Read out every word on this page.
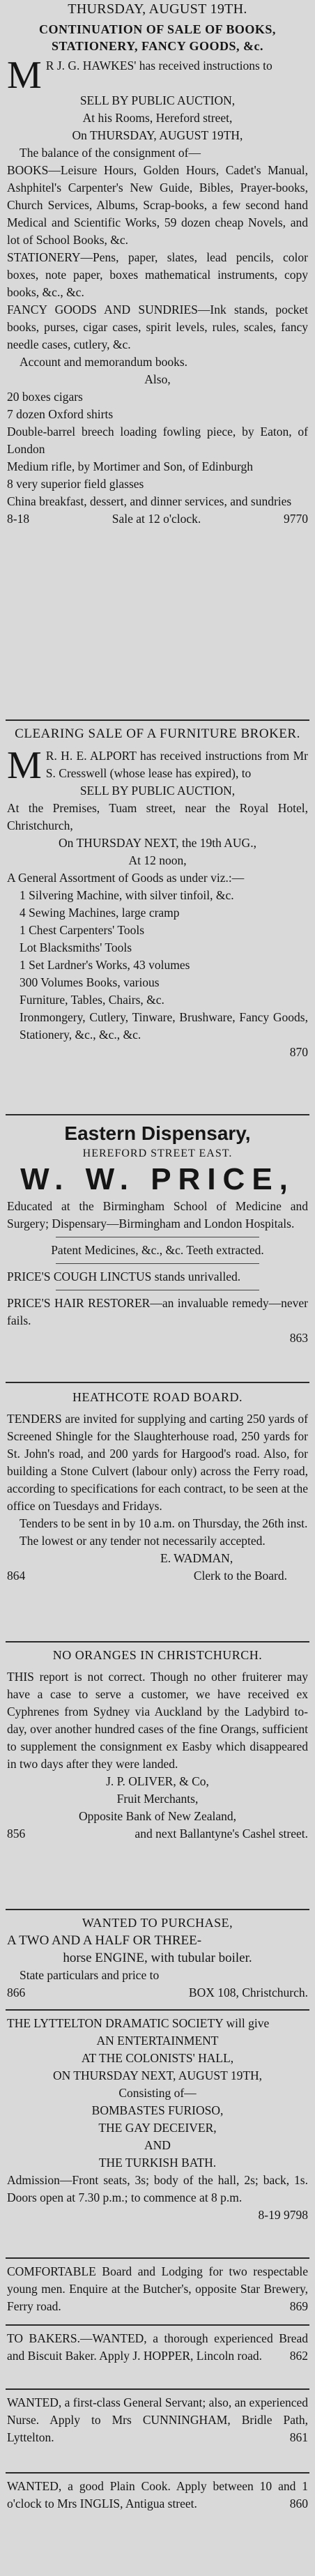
THURSDAY, AUGUST 19TH.
CONTINUATION OF SALE OF BOOKS, STATIONERY, FANCY GOODS, &c.
M R J. G. HAWKES' has received instructions to
SELL BY PUBLIC AUCTION,
At his Rooms, Hereford street,
On THURSDAY, AUGUST 19TH,
The balance of the consignment of—
BOOKS—Leisure Hours, Golden Hours, Cadet's Manual, Ashphitel's Carpenter's New Guide, Bibles, Prayer-books, Church Services, Albums, Scrap-books, a few second hand Medical and Scientific Works, 59 dozen cheap Novels, and lot of School Books, &c.
STATIONERY—Pens, paper, slates, lead pencils, color boxes, note paper, boxes mathematical instruments, copy books, &c., &c.
FANCY GOODS AND SUNDRIES—Ink stands, pocket books, purses, cigar cases, spirit levels, rules, scales, fancy needle cases, cutlery, &c.
Account and memorandum books.
Also,
20 boxes cigars
7 dozen Oxford shirts
Double-barrel breech loading fowling piece, by Eaton, of London
Medium rifle, by Mortimer and Son, of Edinburgh
8 very superior field glasses
China breakfast, dessert, and dinner services, and sundries
8-18	Sale at 12 o'clock.	9770
CLEARING SALE OF A FURNITURE BROKER.
M R. H. E. ALPORT has received instructions from Mr S. Cresswell (whose lease has expired), to
SELL BY PUBLIC AUCTION,
At the Premises, Tuam street, near the Royal Hotel, Christchurch,
On THURSDAY NEXT, the 19th AUG.,
At 12 noon,
A General Assortment of Goods as under viz.:—
1 Silvering Machine, with silver tinfoil, &c.
4 Sewing Machines, large cramp
1 Chest Carpenters' Tools
Lot Blacksmiths' Tools
1 Set Lardner's Works, 43 volumes
300 Volumes Books, various
Furniture, Tables, Chairs, &c.
Ironmongery, Cutlery, Tinware, Brushware, Fancy Goods, Stationery, &c., &c., &c.
870
Eastern Dispensary,
HEREFORD STREET EAST.
W. W. PRICE,
Educated at the Birmingham School of Medicine and Surgery; Dispensary—Birmingham and London Hospitals.
Patent Medicines, &c., &c. Teeth extracted.
PRICE'S COUGH LINCTUS stands unrivalled.
PRICE'S HAIR RESTORER—an invaluable remedy—never fails.
863
HEATHCOTE ROAD BOARD.
TENDERS are invited for supplying and carting 250 yards of Screened Shingle for the Slaughterhouse road, 250 yards for St. John's road, and 200 yards for Hargood's road. Also, for building a Stone Culvert (labour only) across the Ferry road, according to specifications for each contract, to be seen at the office on Tuesdays and Fridays.
Tenders to be sent in by 10 a.m. on Thursday, the 26th inst.
The lowest or any tender not necessarily accepted.
E. WADMAN,
864	Clerk to the Board.
NO ORANGES IN CHRISTCHURCH.
THIS report is not correct. Though no other fruiterer may have a case to serve a customer, we have received ex Cyphrenes from Sydney via Auckland by the Ladybird to-day, over another hundred cases of the fine Orangs, sufficient to supplement the consignment ex Easby which disappeared in two days after they were landed.
J. P. OLIVER, & Co,
Fruit Merchants,
Opposite Bank of New Zealand,
856	and next Ballantyne's Cashel street.
WANTED TO PURCHASE,
A TWO AND A HALF OR THREE-
horse ENGINE, with tubular boiler.
State particulars and price to
866	BOX 108, Christchurch.
THE LYTTELTON DRAMATIC SOCIETY will give
AN ENTERTAINMENT
AT THE COLONISTS' HALL,
ON THURSDAY NEXT, AUGUST 19TH,
Consisting of—
BOMBASTES FURIOSO,
THE GAY DECEIVER,
AND
THE TURKISH BATH.
Admission—Front seats, 3s; body of the hall, 2s; back, 1s. Doors open at 7.30 p.m.; to commence at 8 p.m.
8-19 9798
COMFORTABLE Board and Lodging for two respectable young men. Enquire at the Butcher's, opposite Star Brewery, Ferry road.	869
TO BAKERS.—WANTED, a thorough experienced Bread and Biscuit Baker. Apply J. HOPPER, Lincoln road.	862
WANTED, a first-class General Servant; also, an experienced Nurse. Apply to Mrs CUNNINGHAM, Bridle Path, Lyttelton.	861
WANTED, a good Plain Cook. Apply between 10 and 1 o'clock to Mrs INGLIS, Antigua street.	860
